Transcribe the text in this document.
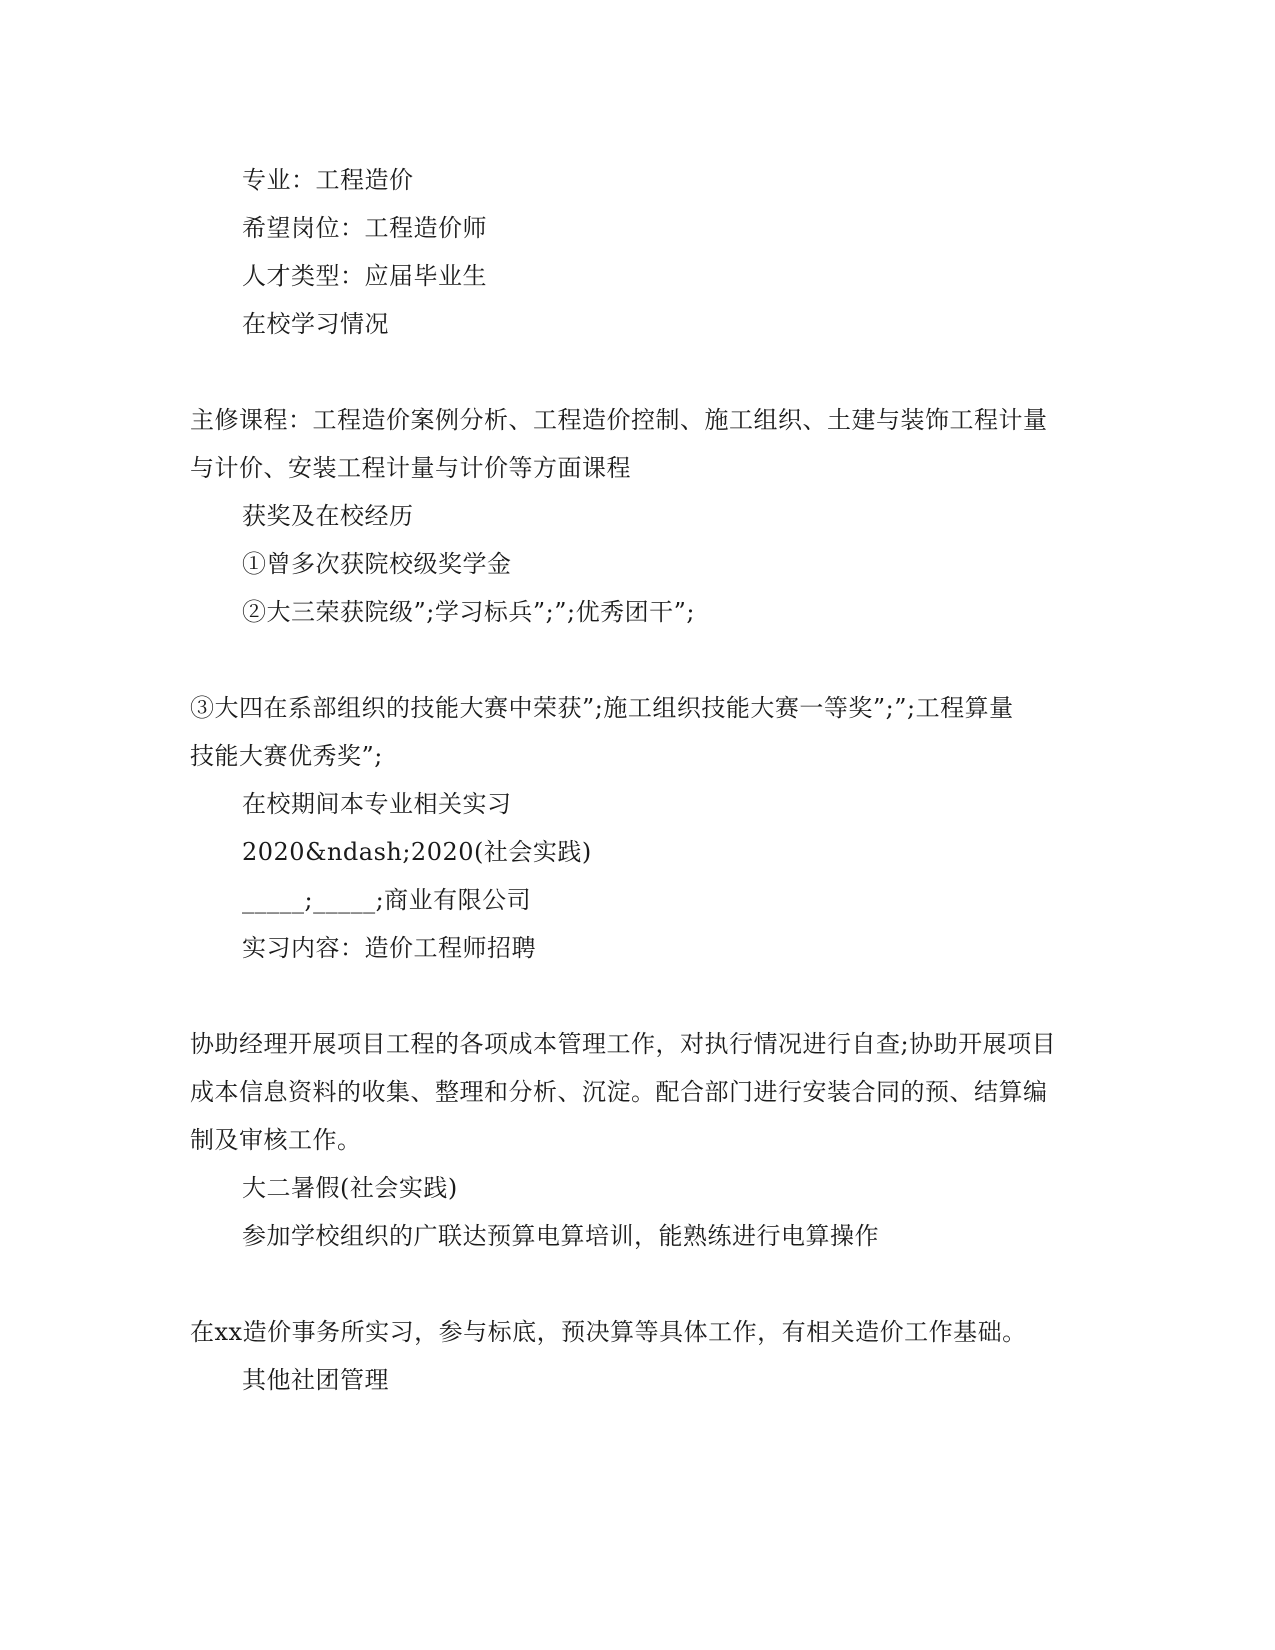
专业：工程造价
希望岗位：工程造价师
人才类型：应届毕业生
在校学习情况
主修课程：工程造价案例分析、工程造价控制、施工组织、土建与装饰工程计量
与计价、安装工程计量与计价等方面课程
获奖及在校经历
①曾多次获院校级奖学金
②大三荣获院级”;学习标兵”;”;优秀团干”;
③大四在系部组织的技能大赛中荣获”;施工组织技能大赛一等奖”;”;工程算量
技能大赛优秀奖”;
在校期间本专业相关实习
2020&ndash;2020(社会实践)
_____;_____;商业有限公司
实习内容：造价工程师招聘
协助经理开展项目工程的各项成本管理工作，对执行情况进行自查;协助开展项目
成本信息资料的收集、整理和分析、沉淀。配合部门进行安装合同的预、结算编
制及审核工作。
大二暑假(社会实践)
参加学校组织的广联达预算电算培训，能熟练进行电算操作
在xx造价事务所实习，参与标底，预决算等具体工作，有相关造价工作基础。
其他社团管理
